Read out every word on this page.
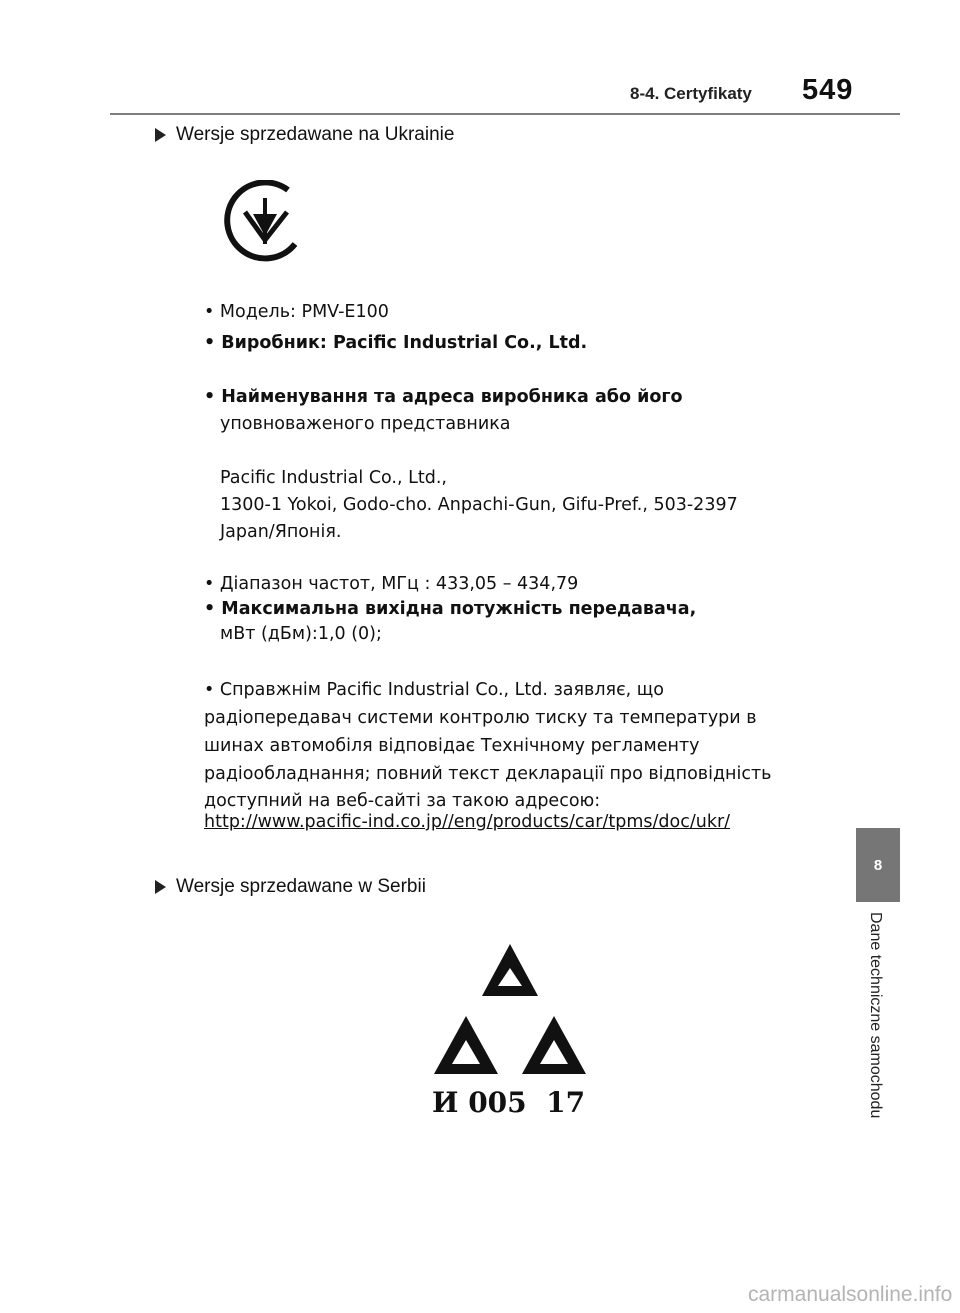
8-4. Certyfikaty 549
Wersje sprzedawane na Ukrainie
• Модель: PMV-E100
• Виробник: Pacific Industrial Co., Ltd.
• Найменування та адреса виробника або його
уповноваженого представника
Pacific Industrial Co., Ltd.,
1300-1 Yokoi, Godo-cho. Anpachi-Gun, Gifu-Pref., 503-2397
Japan/Японія.
• Діапазон частот, МГц : 433,05 – 434,79
• Максимальна вихідна потужність передавача,
мВт (дБм):1,0 (0);
• Справжнім Pacific Industrial Co., Ltd. заявляє, що
радіопередавач системи контролю тиску та температури в
шинах автомобіля відповідає Технічному регламенту
радіообладнання; повний текст декларації про відповідність
доступний на веб-сайті за такою адресою:
http://www.pacific-ind.co.jp//eng/products/car/tpms/doc/ukr/
Wersje sprzedawane w Serbii
И 005  17
8
Dane techniczne samochodu
carmanualsonline.info
